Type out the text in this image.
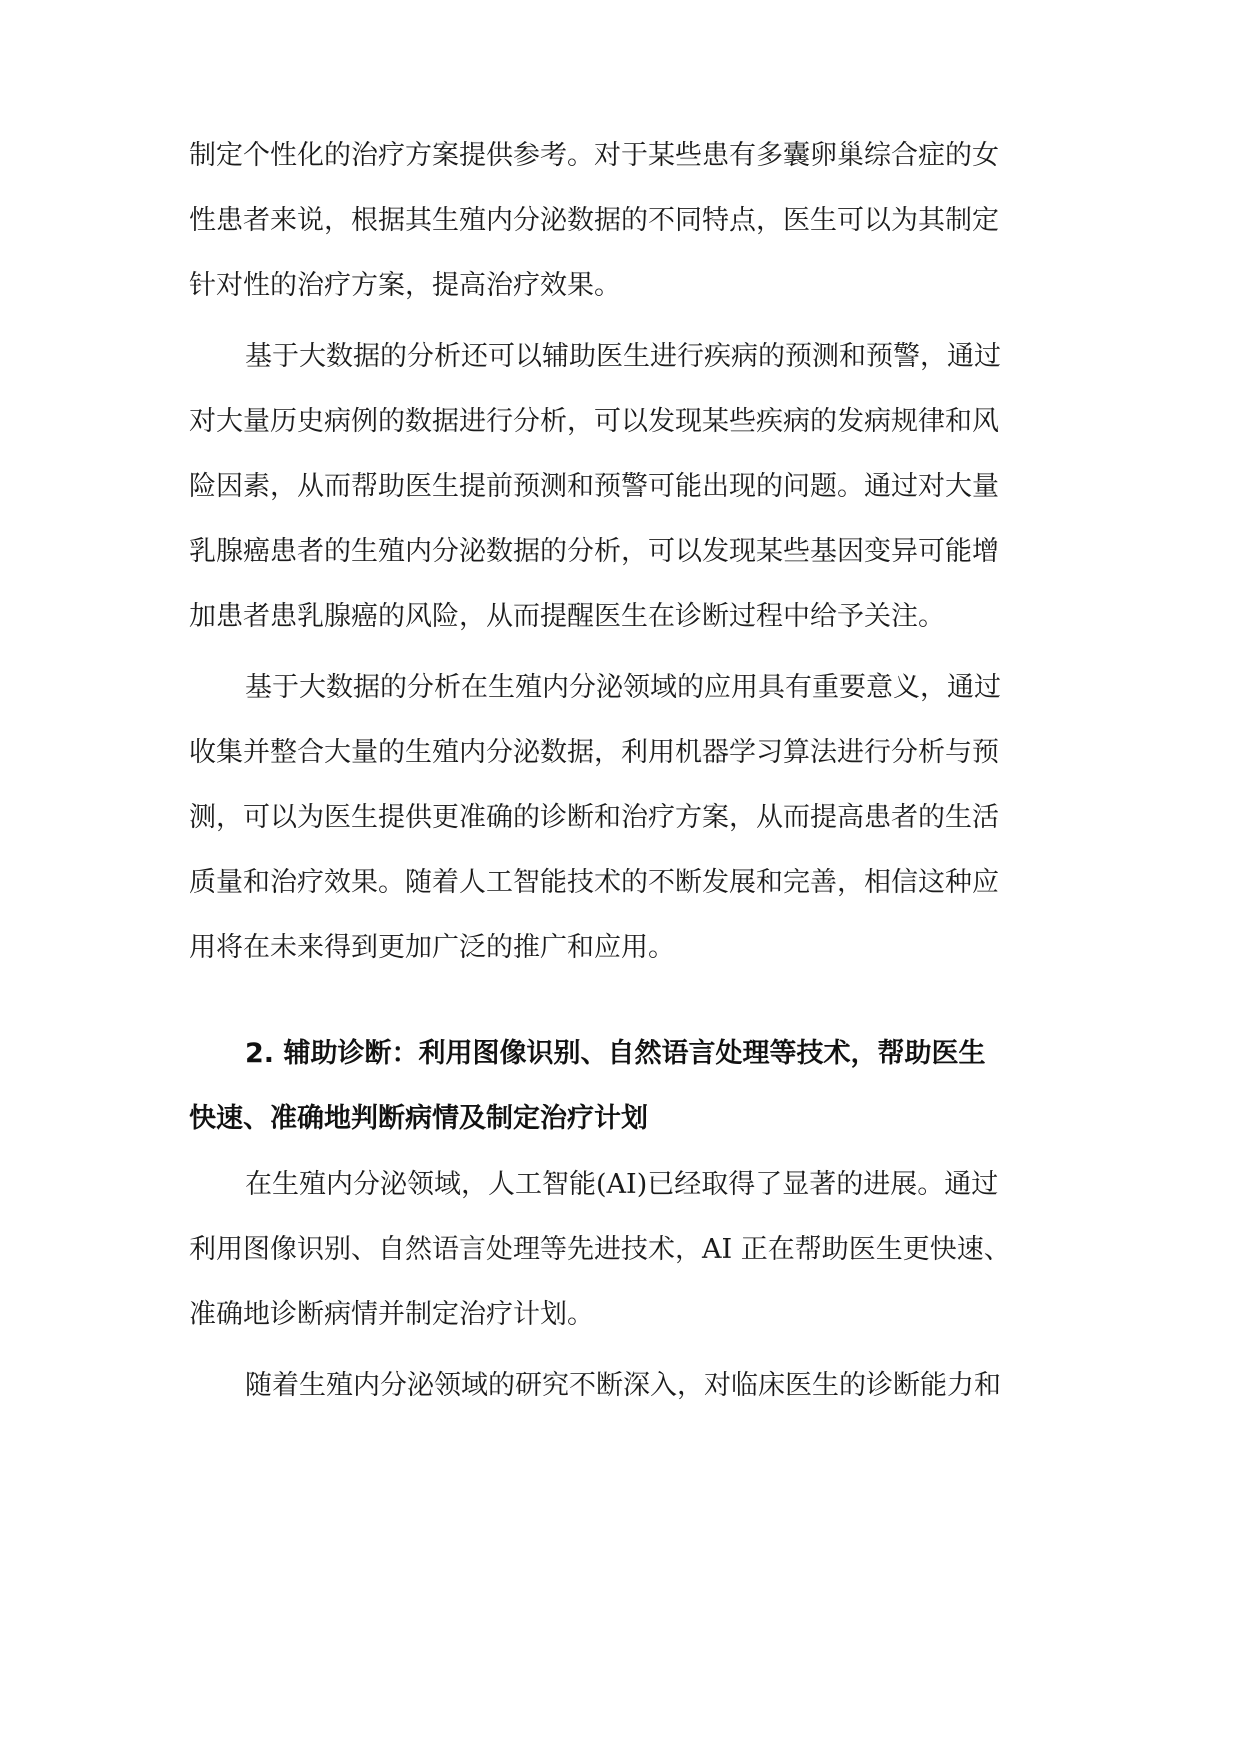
制定个性化的治疗方案提供参考。对于某些患有多囊卵巢综合症的女
性患者来说，根据其生殖内分泌数据的不同特点，医生可以为其制定
针对性的治疗方案，提高治疗效果。
基于大数据的分析还可以辅助医生进行疾病的预测和预警，通过
对大量历史病例的数据进行分析，可以发现某些疾病的发病规律和风
险因素，从而帮助医生提前预测和预警可能出现的问题。通过对大量
乳腺癌患者的生殖内分泌数据的分析，可以发现某些基因变异可能增
加患者患乳腺癌的风险，从而提醒医生在诊断过程中给予关注。
基于大数据的分析在生殖内分泌领域的应用具有重要意义，通过
收集并整合大量的生殖内分泌数据，利用机器学习算法进行分析与预
测，可以为医生提供更准确的诊断和治疗方案，从而提高患者的生活
质量和治疗效果。随着人工智能技术的不断发展和完善，相信这种应
用将在未来得到更加广泛的推广和应用。
2. 辅助诊断：利用图像识别、自然语言处理等技术，帮助医生
快速、准确地判断病情及制定治疗计划
在生殖内分泌领域，人工智能(AI)已经取得了显著的进展。通过
利用图像识别、自然语言处理等先进技术，AI 正在帮助医生更快速、
准确地诊断病情并制定治疗计划。
随着生殖内分泌领域的研究不断深入，对临床医生的诊断能力和
